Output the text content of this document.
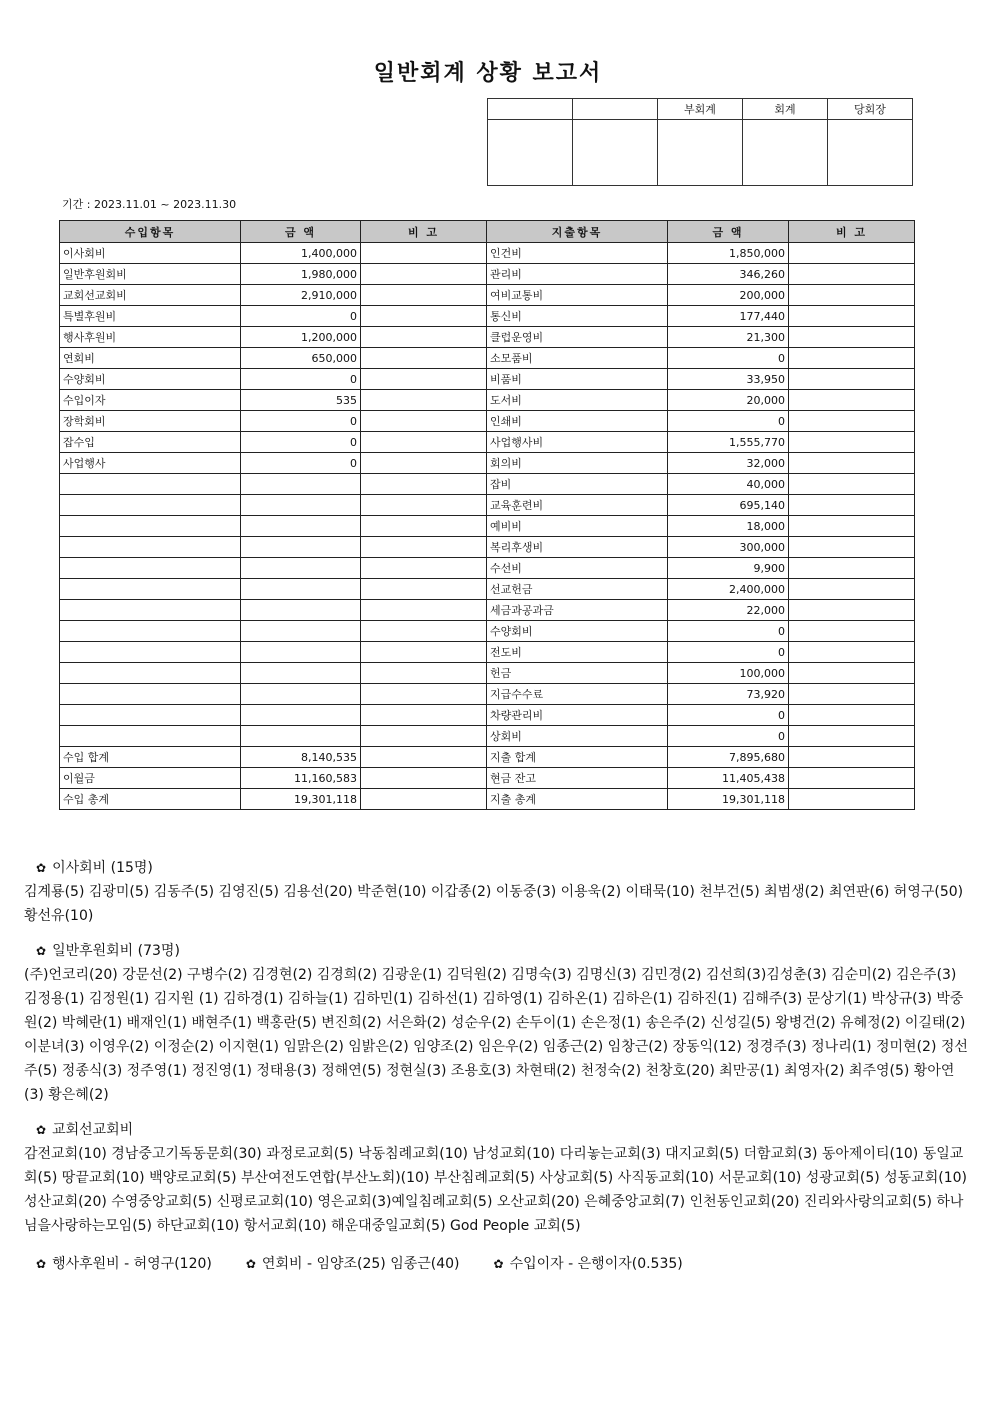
일반회계 상황 보고서
		부회계	회계	당회장

기간 : 2023.11.01 ~ 2023.11.30
수입항목	금 액	비 고	지출항목	금 액	비 고
이사회비	1,400,000		인건비	1,850,000	
일반후원회비	1,980,000		관리비	346,260	
교회선교회비	2,910,000		여비교통비	200,000	
특별후원비	0		통신비	177,440	
행사후원비	1,200,000		클럽운영비	21,300	
연회비	650,000		소모품비	0	
수양회비	0		비품비	33,950	
수입이자	535		도서비	20,000	
장학회비	0		인쇄비	0	
잡수입	0		사업행사비	1,555,770	
사업행사	0		회의비	32,000	
			잡비	40,000	
			교육훈련비	695,140	
			예비비	18,000	
			복리후생비	300,000	
			수선비	9,900	
			선교헌금	2,400,000	
			세금과공과금	22,000	
			수양회비	0	
			전도비	0	
			헌금	100,000	
			지급수수료	73,920	
			차량관리비	0	
			상회비	0	
수입 합계	8,140,535		지출 합계	7,895,680	
이월금	11,160,583		현금 잔고	11,405,438	
수입 총계	19,301,118		지출 총계	19,301,118	
✿ 이사회비 (15명)
김계룡(5) 김광미(5) 김동주(5) 김영진(5) 김용선(20) 박준현(10) 이갑종(2) 이동중(3) 이용욱(2) 이태묵(10) 천부건(5) 최범생(2) 최연판(6) 허영구(50) 황선유(10)
✿ 일반후원회비 (73명)
(주)언코리(20) 강문선(2) 구병수(2) 김경현(2) 김경희(2) 김광운(1) 김덕원(2) 김명숙(3) 김명신(3) 김민경(2) 김선희(3)김성춘(3) 김순미(2) 김은주(3) 김정용(1) 김정원(1) 김지원 (1) 김하경(1) 김하늘(1) 김하민(1) 김하선(1) 김하영(1) 김하온(1) 김하은(1) 김하진(1) 김해주(3) 문상기(1) 박상규(3) 박중원(2) 박혜란(1) 배재인(1) 배현주(1) 백홍란(5) 변진희(2) 서은화(2) 성순우(2) 손두이(1) 손은정(1) 송은주(2) 신성길(5) 왕병건(2) 유혜정(2) 이길태(2) 이분녀(3) 이영우(2) 이정순(2) 이지현(1) 임맑은(2) 임밝은(2) 임양조(2) 임은우(2) 임종근(2) 임창근(2) 장동익(12) 정경주(3) 정나리(1) 정미현(2) 정선주(5) 정종식(3) 정주영(1) 정진영(1) 정태용(3) 정해연(5) 정현실(3) 조용호(3) 차현태(2) 천정숙(2) 천창호(20) 최만공(1) 최영자(2) 최주영(5) 황아연(3) 황은혜(2)
✿ 교회선교회비
감전교회(10) 경남중고기독동문회(30) 과정로교회(5) 낙동침례교회(10) 남성교회(10) 다리놓는교회(3) 대지교회(5) 더함교회(3) 동아제이티(10) 동일교회(5) 땅끝교회(10) 백양로교회(5) 부산여전도연합(부산노회)(10) 부산침례교회(5) 사상교회(5) 사직동교회(10) 서문교회(10) 성광교회(5) 성동교회(10) 성산교회(20) 수영중앙교회(5) 신평로교회(10) 영은교회(3)예일침례교회(5) 오산교회(20) 은혜중앙교회(7) 인천동인교회(20) 진리와사랑의교회(5) 하나님을사랑하는모임(5) 하단교회(10) 항서교회(10) 해운대중일교회(5) God People 교회(5)
✿ 행사후원비 - 허영구(120)	✿ 연회비 - 임양조(25) 임종근(40)	✿ 수입이자 - 은행이자(0.535)
